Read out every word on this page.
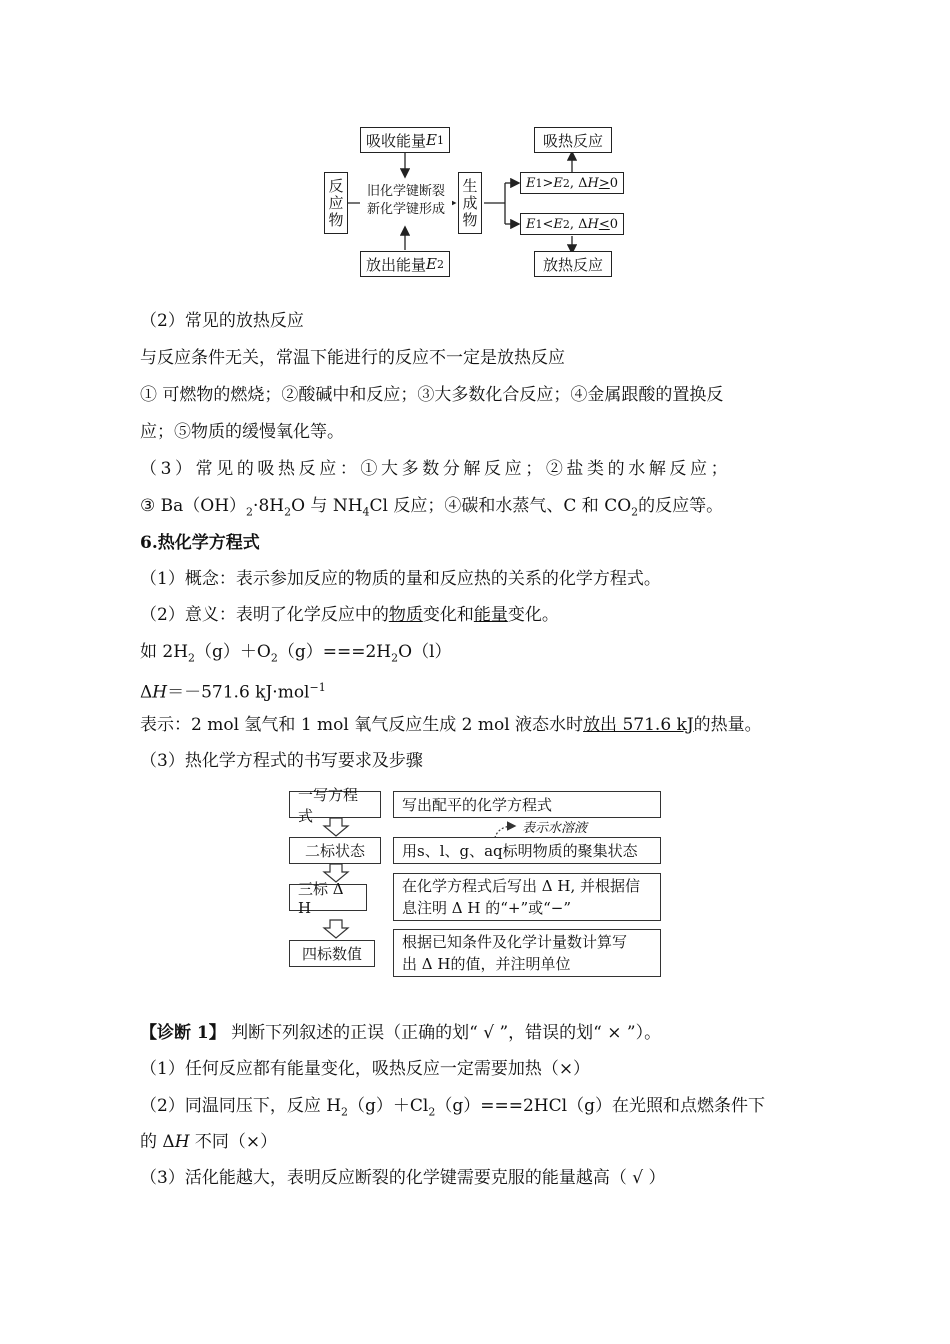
吸收能量 E 1
反应物	旧化学键断裂
新化学键形成	生成物
放出能量 E 2
E 1 > E 2 , Δ H > 0
E 1 < E 2 , Δ H < 0
吸热反应
放热反应
（2）常见的放热反应
与反应条件无关，常温下能进行的反应不一定是放热反应
① 可燃物的燃烧；②酸碱中和反应；③大多数化合反应；④金属跟酸的置换反
应；⑤物质的缓慢氧化等。
（3）常见的吸热反应：①大多数分解反应；②盐类的水解反应；
③ $Ba(OH)_2\cdot 8H_2O$ 与 $NH_4Cl$ 反应；④碳和水蒸气、C 和 $CO_2$的反应等。
6.热化学方程式
（1）概念：表示参加反应的物质的量和反应热的关系的化学方程式。
（2）意义：表明了化学反应中的物质变化和能量变化。
如 $2H_2(g)+O_2(g)===2H_2O(l)$
ΔH＝－571.6 kJ·mol$^{-1}$
表示：2 mol 氢气和 1 mol 氧气反应生成 2 mol 液态水时放出 571.6 kJ的热量。
（3）热化学方程式的书写要求及步骤
一写方程式
写出配平的化学方程式
表示水溶液
二标状态 用s、l、g、aq标明物质的聚集状态
三标 Δ H
在化学方程式后写出 Δ H, 并根据信
息注明 Δ H 的“+”或“−”
四标数值
根据已知条件及化学计量数计算写
出 Δ H的值，并注明单位
【诊断 1】 判断下列叙述的正误（正确的划“ √ ”，错误的划“ × ”）。
（1）任何反应都有能量变化，吸热反应一定需要加热（×）
（2）同温同压下，反应 $H_2(g)+Cl_2(g)===2HCl(g)$在光照和点燃条件下
的 ΔH 不同（×）
（3）活化能越大，表明反应断裂的化学键需要克服的能量越高（ √ ）
